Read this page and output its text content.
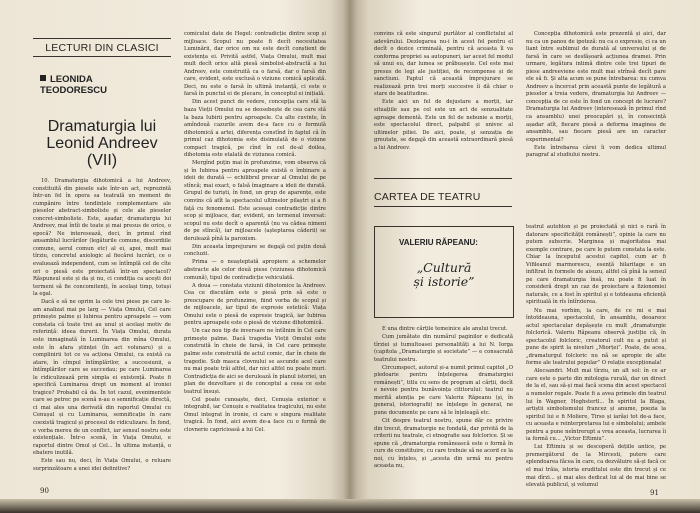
LECTURI DIN CLASICI
LEONIDA
TEODORESCU
Dramaturgia lui
Leonid Andreev
(VII)

10. Dramaturgia dihotomică a lui Andreev, constituită din piesele sale într-un act, reprezintă într-un fel în opera sa teatrală un moment de cumpănire între tendințele complementare ale pieselor abstract-simboliste și cele ale pieselor concret-simboliste. Este, așadar, dramaturgia lui Andreev, mai întîi de toate și mai presus de orice, o epocă? Ne interesează, deci, în primul rînd ansamblul lucrărilor (legăturile comune, discordiile comune, aerul comun etc) al ei, apoi, mult mai tîrziu, concretul axiologic al fiecărei lucrări, ce o evaluează independent, cum se întîmplă cel de cîte ori o piesă este proiectată într-un spectacol? Răspunsul este și da și nu, ci condiția ca acești doi termeni să fie concomitenți, în același timp, totuși la egal.

Dacă e să ne oprim la cele trei piese pe care le-am analizat mai pe larg — Viața Omului, Cel care primește palme și Iubirea pentru aproapele — vom constata că toate trei au unul și același motiv de referință: ideea durerii. În Viața Omului, durata este inmaginată în Luminarea din mîna Omului, este în afara științei (în act volunaru) și a complinirii tot ce va acționa Omului, ca există ca atare, în cîmpul întîmplărilor, a succesiunii, a întîmplărilor care se succedau; pe care Luminarea le ridiculizează prin simpla ei existență. Poate fi specifică Luminarea drept un moment al ironiei tragice? Probabil că da. În tot cazul, evenimentele care se petrec pe scenă n-au o semnificație directă, ci mai ales una derivată din raportul Omului cu Cenușul și cu Luminarea, semnificație în care coexistă tragicul și procesul de ridiculizare. În fond, e vorba mereu de un conflict, iar sensul nostru este existențiale. Într-o scenă, în Viața Omului, e raportul dintre Omul și Cel... În ultima instanță, o ebatere inutilă.

Este sau nu, deci, în Viața Omului, o reluare surprinzătoare a unei idei definitive?

comicului date de Hegel: contradicție dintre scop și mijloace. Scopul nu poate fi decît necesitatea Luminării, dar orice om nu este decît conștient de existența ei. Privită astfel, Viața Omului, mult mai mult decît orice altă piesă simbolist-abstractă a lui Andreev, este construită ca o farsă, dar o farsă din care, evident, este exclusă o viziune comică aplicată. Deci, nu este o farsă în ultimă instanță, ci este o farsă în punctul ei de plecare, în conceptul ei inițială.

Din acest punct de vedere, concepția care stă la baza Vieții Omului nu se deosebește de cea care stă la baza Iubirii pentru aproapele. Cu alte cuvinte, în amîndouă cazurile avem de-a face cu o formulă dihotomică a artei, diferența constînd în faptul că în primul caz dihotomia este disimulată de o viziune compact tragică, pe cînd în cel de-al doilea, dihotomia este etalată de viziunea comică.

Mergînd puțin mai în profunzime, vom observa că și în Iubirea pentru aproapele există o îmbinare a ideii de durată — echilibrul precar al Omului de pe stîncă; mai exact, o falsă îmaginare a ideii de durată. Grupul de turiști, în fond, un grup de aparențe, este convins că atît la spectacolul ultimelor pilaștri și a fi față cu fenomenul. Este aceeași contradicție dintre scop și mijloace, dar, evident, un termenul inversat: scopul nu este decît o aparență (nu va cădea nimeni de pe stîncă), iar mijloacele (așteptarea căderii) se derulează pînă la paroxism.

Din aceasta împrejurare se degajă cel puțin două concluzii.

Prima — o neașteptată apropiere a schemelor abstracte ale celor două piese (viziunea dihotomică comună), tipul de contradicție vehiculată.

A doua — constata viziunii dihotomice la Andreev. Cea ce discutăm este o piesă prin să este o preocupare de profunzime, fiind vorba de scopul și de mijloacele, iar tipul de expresie estetică: Viața Omului este o piesă de expresie tragică, iar Iubirea pentru aproapele este o piesă de viziune dihotomică.

Un caz nou tip de inversare ne întîlnim în Cel care primește palme. Dacă tragedia Vieții Omului este construită în cheie de farsă, în Cel care primește palme este construită de actul comic, dar în cheie de tragedie. Sub masca clovnului se ascunde acel care nu mai poate trăi altfel, dar nici altfel nu poate muri. Contradicția de aici se derulează în planul istoriei, un plan de dezvoltare și de conceptul a ceea ce este teatrul însuși.

Cel poate cunoaște, deci, Cenușia exterior e integrabil, iar Cenușiu e realitatea tragicului, nu este Omul integrat în ironie, ci care e singura realitate tragică. În fond, aici avem de-a face cu o formă de clovnerie capricioasă a lui Cel.

90

convins că este singurul purtător al conflictului al adevărului. Dezlegarea nu-i în acest fel pentru el decît o dezice criminală, pentru că aceasta îl va conforma propriei sa autopuneri, iar acest fel modul să unui eu, dar lumea se prăbușește. Cel este mai presus de legi ale justiției, de recompense și de sanctiuni. Faptul că această împrejurare se realizează prin trei morți succesive îi dă chiar o stare de beatitudine.

Este aici un fel de dejustare a morții, iar situațiile sau pe cel este un act de senzualitate aproape dementă. Este un fel de nebunie a morții, este spectacolul direct, palpabil și univoc al ultimelor piliei. De aici, poate, și senzația de greutate, se degajă din această extraordinară piesă a lui Andreev.

Concepția dihotomică este prezentă și aici, dar nu ca un panou de ipoteză: nu ca o expresie, ci ca un liant între sublimul de durată al universului și de farsă în care se desfășoară acțiunea dramei. Prin urmare, legătura intimă dintre cele trei tipuri de piese andreeviene este mult mai strînsă decît pare ele să fi. Și alta acum se pune întrebarea: nu cumva Andreev a încercat prin această punte de legătură a pieselor a treia vedere, dramaturgia lui Andreev — concepția de ce este în fond un concept de lucrare? Dramaturgia lui Andreev (interesează în primul rînd ca ansamblu) unei preocupări și, în consecință așadar atît, fiecare piesă a deforma imaginea de ansamblu, sau fiecare piesă are un caracter experimental?

Este întrebarea cărei îi vom dedica ultimul paragraf al studiului nostru.

CARTEA DE TEATRU
VALERIU RĂPEANU:
„Cultură
și istorie”

E una dintre cărțile temeinice ale anului trecut.

Cum jumătate din numărul paginilor e dedicată tîrziei și tumultoasei personalități a lui N. Iorga (capitola „Dramaturgie și societate” — e consacrată teatrului nostru.

Circumspect, autorul și-a numit primul capitol „O pledoarie pentru înțelegerea dramaturgiei românești”, titlu cu sens de program al cărții, decît e nevoie pentru bunăvoința cititorului: teatrul nu merită atenția pe care Valeriu Răpeanu (și, în general, istoriografii) ne înțelege în general, ne pune documente pe care să le înțeleagă etc.

Cit despre teatrul nostru, spune dăr ce privire din trecut, dramaturgie ne fondată, dar privită de la criterii nu teatrale, ci etnografie sau folclorice. Și se spune că „dramaturgia românească este o formă în curs de constituire, cu care trebuie să ne acord ce la noi, cu înțeles, și „acesta din urmă nu pentru aceasta nu,

teatrul autohton și pe proiectată și nici o rară în datorare specificității românești”, opinie la care nu putem subscrie. Marginea și majoritatea mai exemple contrare, pe care le putem constata la este. Chiar la începutul acestui capitol, cum ar fi Vifileanul marmorescu, esență hilaritage e un infiltrat în formele de aisuzu, altfel că pînă la sensul pe care dramaturgia însă, nu poate fi luat în consideră drept un caz de proiectare a fizionomiei naturale, ce a fost în spiritul și e totdeauna eficiență spirituală în rîs întîrzierea.

Nu mai vorbim, la care, de ce mi e mai întotdeauna, spectacolul, în ansamblu, deoarece actul spectacular depășește cu mult „dramaturgie folclorică. Valeriu Răpeanu observă justiție că, în spectacolul folcloric, creatorul cult nu a putut și pune de spirit la niveluri „Miorței”. Poate, de acea, „dramaturgul folcloric nu nă se apropie de alte forme ale teatrului popular” O relație excepționala!

Alecsandri. Mult mai tîrziu, un alt sol: în ce ar care este o parte din mitologia rurală, dar un direct de la el, sau să-și mai facă scena din acest spectacol a numelor regale. Poate fi a avea primele din teatrul lui în Wagner, Hoghstertl... În spiritul la Blaga, artiștii simbolismului francez și anume, poezia la spiritul lui e fi Moliere, Tirso și iarăși tot de-a face, cu aceasta e reinterpretarea lui e simbolului; ambele pentru a pune neîntrerupt a vrea aceasta, lucrarea îi ia formă cu... „Victor Eftimiu”.

Lui Eftimiu și se descoperă dețiile antice, pe premergătorul de la Mircesti, putere care splendoarea făcea în care, ca dezvăluire să-și facă ce el mai trăia, istoria eruditului este din trecut și ce mai dîrzi... și mai ales dedicat lui al de mai bine se elevată publicul, și volumul

91
